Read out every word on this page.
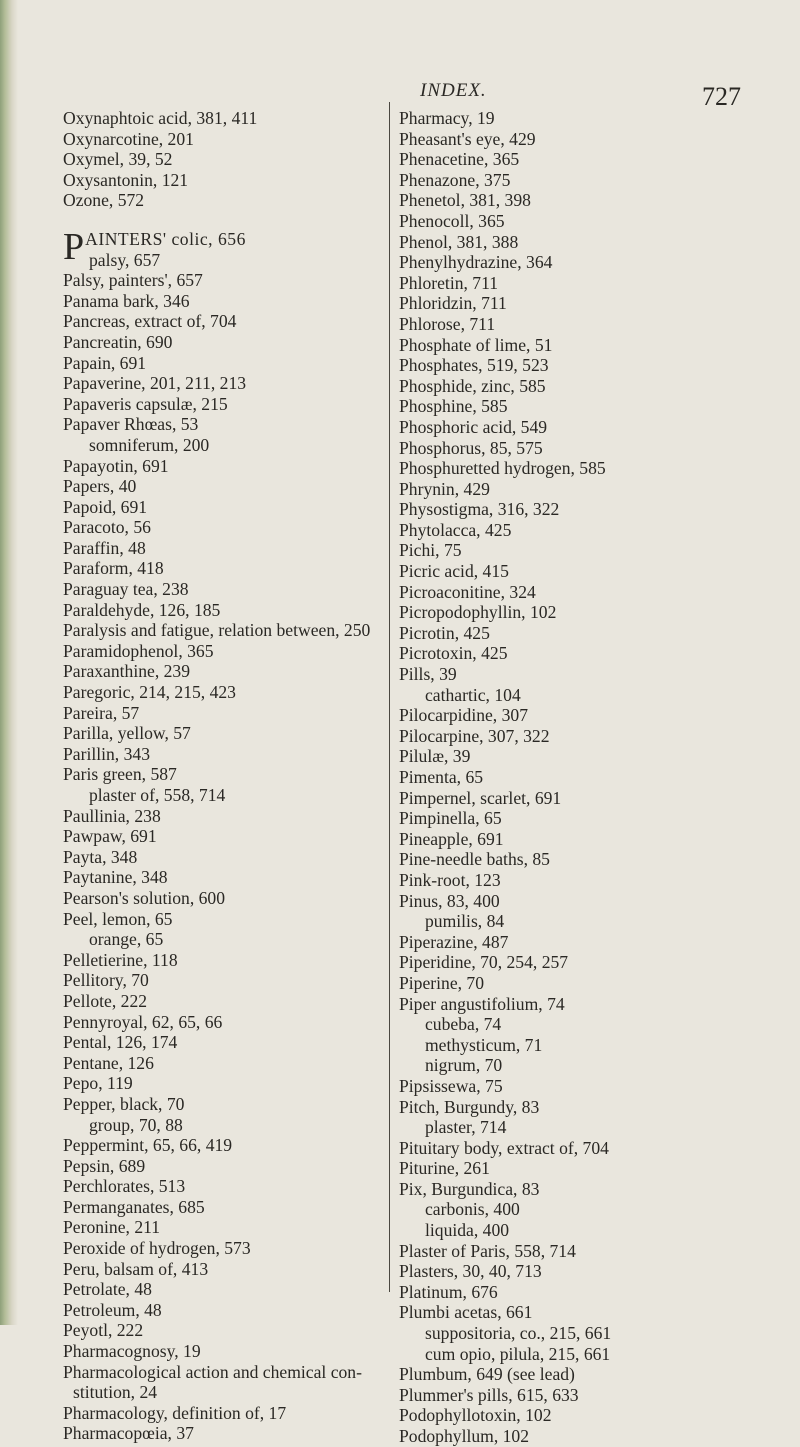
INDEX.	727
Oxynaphtoic acid, 381, 411
Oxynarcotine, 201
Oxymel, 39, 52
Oxysantonin, 121
Ozone, 572
P AINTERS' colic, 656
palsy, 657
Palsy, painters', 657
Panama bark, 346
Pancreas, extract of, 704
Pancreatin, 690
Papain, 691
Papaverine, 201, 211, 213
Papaveris capsulæ, 215
Papaver Rhœas, 53
somniferum, 200
Papayotin, 691
Papers, 40
Papoid, 691
Paracoto, 56
Paraffin, 48
Paraform, 418
Paraguay tea, 238
Paraldehyde, 126, 185
Paralysis and fatigue, relation between, 250
Paramidophenol, 365
Paraxanthine, 239
Paregoric, 214, 215, 423
Pareira, 57
Parilla, yellow, 57
Parillin, 343
Paris green, 587
plaster of, 558, 714
Paullinia, 238
Pawpaw, 691
Payta, 348
Paytanine, 348
Pearson's solution, 600
Peel, lemon, 65
orange, 65
Pelletierine, 118
Pellitory, 70
Pellote, 222
Pennyroyal, 62, 65, 66
Pental, 126, 174
Pentane, 126
Pepo, 119
Pepper, black, 70
group, 70, 88
Peppermint, 65, 66, 419
Pepsin, 689
Perchlorates, 513
Permanganates, 685
Peronine, 211
Peroxide of hydrogen, 573
Peru, balsam of, 413
Petrolate, 48
Petroleum, 48
Peyotl, 222
Pharmacognosy, 19
Pharmacological action and chemical con-
stitution, 24
Pharmacology, definition of, 17
Pharmacopœia, 37
Pharmacy, 19
Pheasant's eye, 429
Phenacetine, 365
Phenazone, 375
Phenetol, 381, 398
Phenocoll, 365
Phenol, 381, 388
Phenylhydrazine, 364
Phloretin, 711
Phloridzin, 711
Phlorose, 711
Phosphate of lime, 51
Phosphates, 519, 523
Phosphide, zinc, 585
Phosphine, 585
Phosphoric acid, 549
Phosphorus, 85, 575
Phosphuretted hydrogen, 585
Phrynin, 429
Physostigma, 316, 322
Phytolacca, 425
Pichi, 75
Picric acid, 415
Picroaconitine, 324
Picropodophyllin, 102
Picrotin, 425
Picrotoxin, 425
Pills, 39
cathartic, 104
Pilocarpidine, 307
Pilocarpine, 307, 322
Pilulæ, 39
Pimenta, 65
Pimpernel, scarlet, 691
Pimpinella, 65
Pineapple, 691
Pine-needle baths, 85
Pink-root, 123
Pinus, 83, 400
pumilis, 84
Piperazine, 487
Piperidine, 70, 254, 257
Piperine, 70
Piper angustifolium, 74
cubeba, 74
methysticum, 71
nigrum, 70
Pipsissewa, 75
Pitch, Burgundy, 83
plaster, 714
Pituitary body, extract of, 704
Piturine, 261
Pix, Burgundica, 83
carbonis, 400
liquida, 400
Plaster of Paris, 558, 714
Plasters, 30, 40, 713
Platinum, 676
Plumbi acetas, 661
suppositoria, co., 215, 661
cum opio, pilula, 215, 661
Plumbum, 649 (see lead)
Plummer's pills, 615, 633
Podophyllotoxin, 102
Podophyllum, 102
